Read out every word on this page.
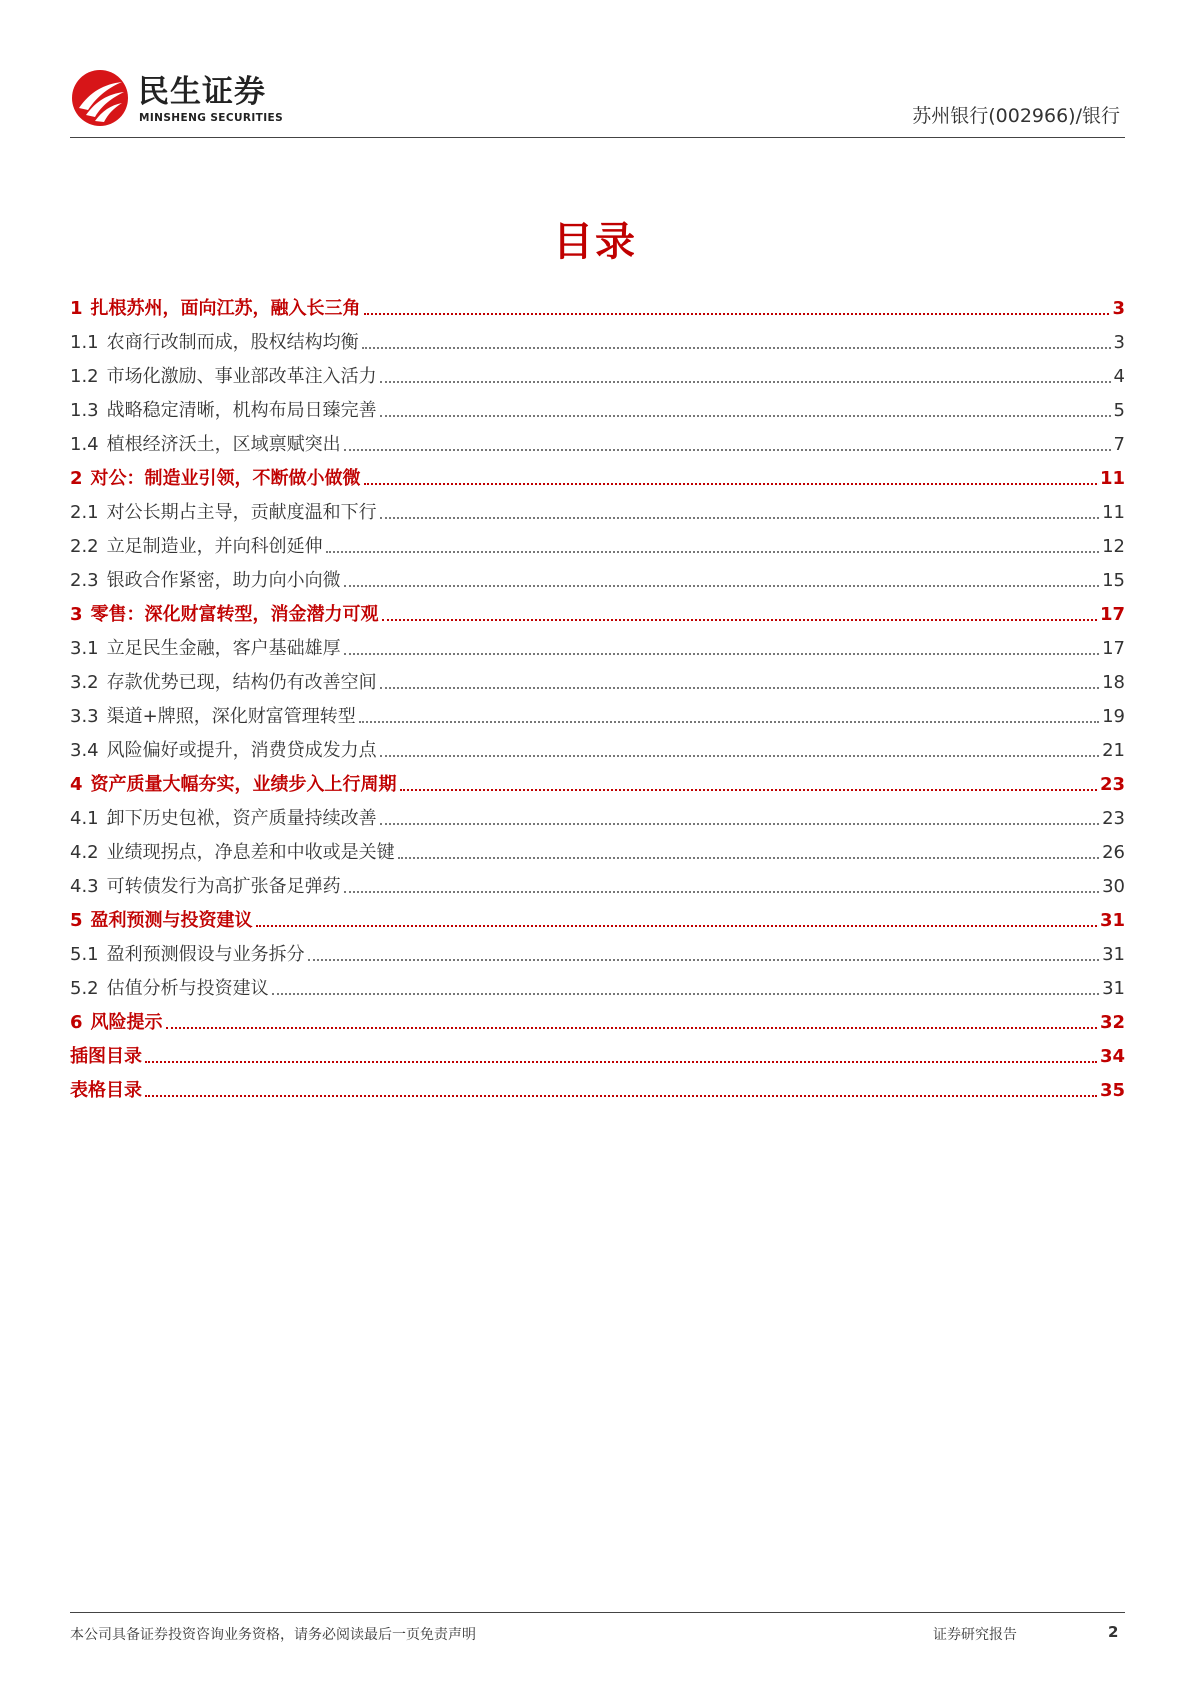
民生证券
MINSHENG SECURITIES	苏州银行(002966)/银行
目录
1 扎根苏州，面向江苏，融入长三角	3
1.1 农商行改制而成，股权结构均衡	3
1.2 市场化激励、事业部改革注入活力	4
1.3 战略稳定清晰，机构布局日臻完善	5
1.4 植根经济沃土，区域禀赋突出	7
2 对公：制造业引领，不断做小做微	11
2.1 对公长期占主导，贡献度温和下行	11
2.2 立足制造业，并向科创延伸	12
2.3 银政合作紧密，助力向小向微	15
3 零售：深化财富转型，消金潜力可观	17
3.1 立足民生金融，客户基础雄厚	17
3.2 存款优势已现，结构仍有改善空间	18
3.3 渠道+牌照，深化财富管理转型	19
3.4 风险偏好或提升，消费贷成发力点	21
4 资产质量大幅夯实，业绩步入上行周期	23
4.1 卸下历史包袱，资产质量持续改善	23
4.2 业绩现拐点，净息差和中收或是关键	26
4.3 可转债发行为高扩张备足弹药	30
5 盈利预测与投资建议	31
5.1 盈利预测假设与业务拆分	31
5.2 估值分析与投资建议	31
6 风险提示	32
插图目录	34
表格目录	35
本公司具备证券投资咨询业务资格，请务必阅读最后一页免责声明	证券研究报告	2
